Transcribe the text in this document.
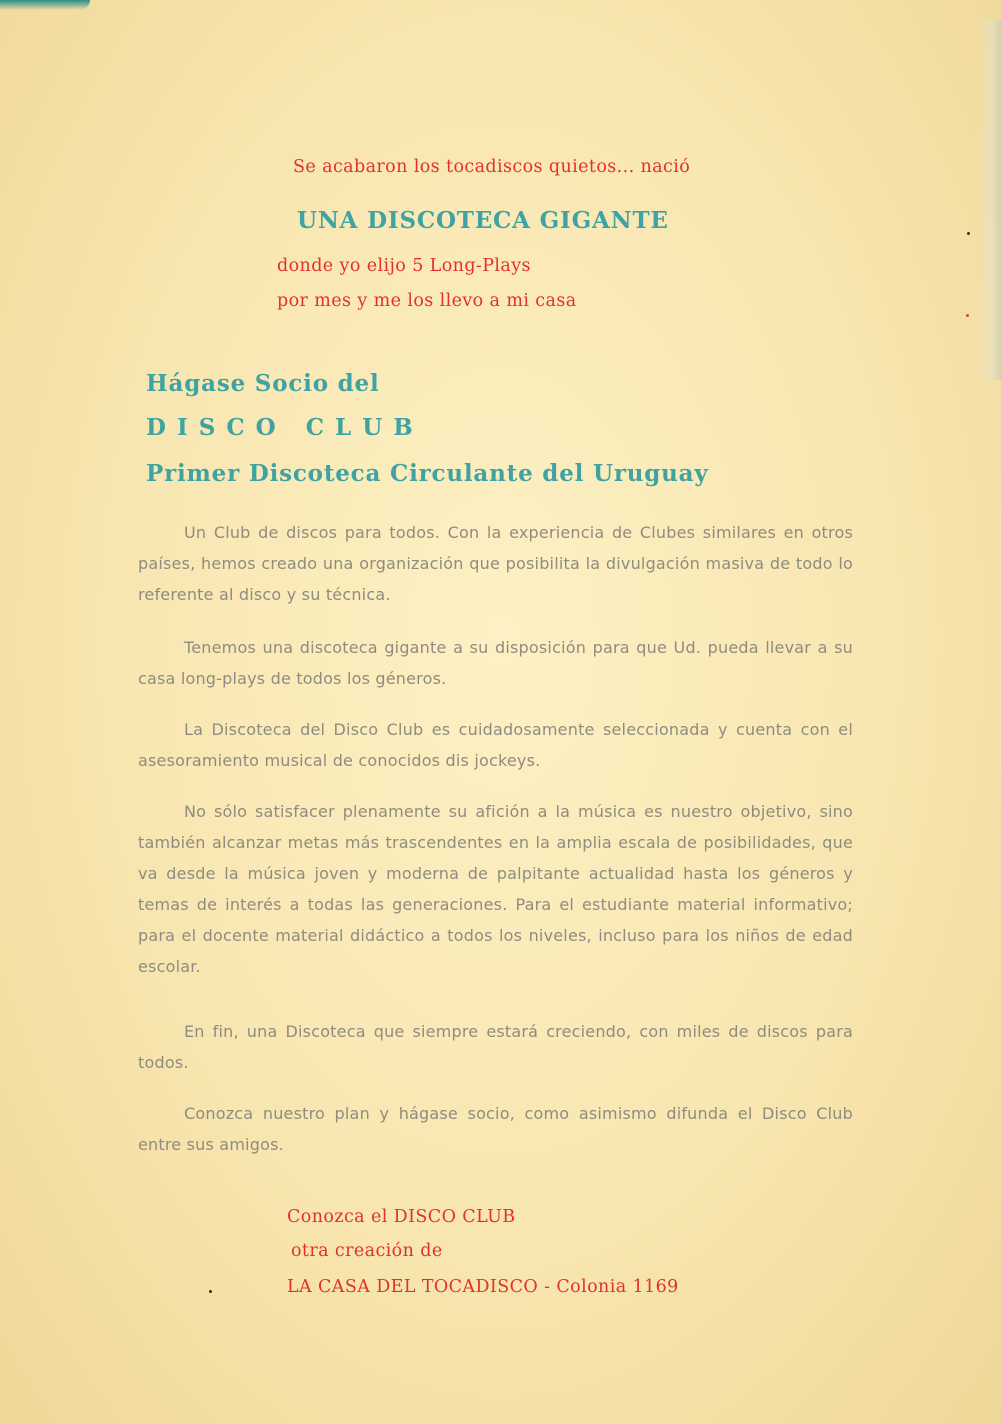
Se acabaron los tocadiscos quietos... nació
UNA DISCOTECA GIGANTE
donde yo elijo 5 Long-Plays
por mes y me los llevo a mi casa
Hágase Socio del
D I S C O   C L U B
Primer Discoteca Circulante del Uruguay

Un Club de discos para todos. Con la experiencia de Clubes similares en otros países, hemos creado una organización que posibilita la divulgación masiva de todo lo referente al disco y su técnica.

Tenemos una discoteca gigante a su disposición para que Ud. pueda llevar a su casa long-plays de todos los géneros.

La Discoteca del Disco Club es cuidadosamente seleccionada y cuenta con el asesoramiento musical de conocidos dis jockeys.

No sólo satisfacer plenamente su afición a la música es nuestro objetivo, sino también alcanzar metas más trascendentes en la amplia escala de posibilidades, que va desde la música joven y moderna de palpitante actualidad hasta los géneros y temas de interés a todas las generaciones. Para el estudiante material informativo; para el docente material didáctico a todos los niveles, incluso para los niños de edad escolar.

En fin, una Discoteca que siempre estará creciendo, con miles de discos para todos.

Conozca nuestro plan y hágase socio, como asimismo difunda el Disco Club entre sus amigos.

Conozca el DISCO CLUB
otra creación de
LA CASA DEL TOCADISCO - Colonia 1169
